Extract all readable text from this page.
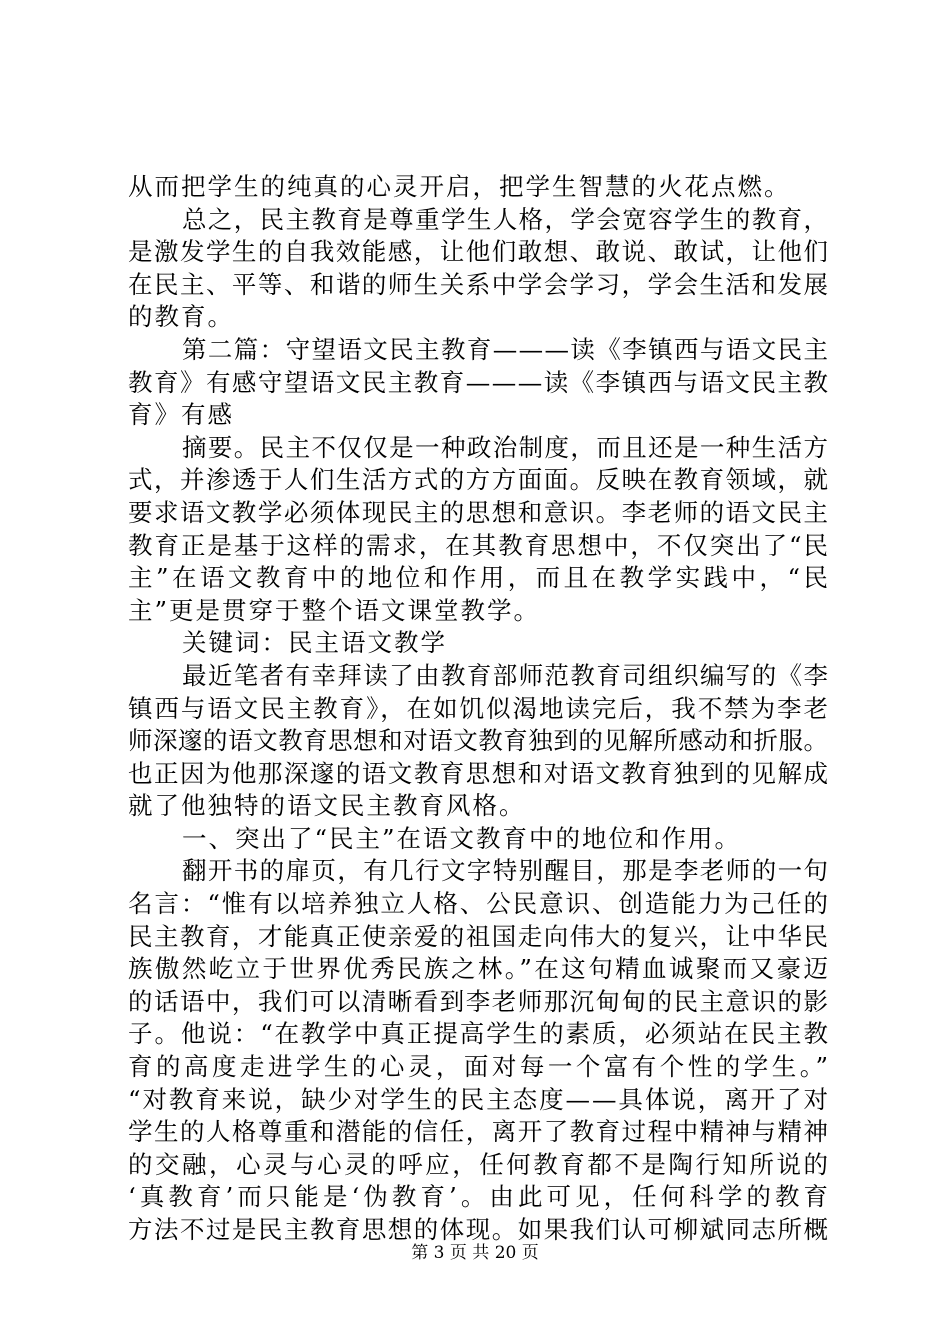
从而把学生的纯真的心灵开启，把学生智慧的火花点燃。
总之，民主教育是尊重学生人格，学会宽容学生的教育，
是激发学生的自我效能感，让他们敢想、敢说、敢试，让他们
在民主、平等、和谐的师生关系中学会学习，学会生活和发展
的教育。
第二篇：守望语文民主教育———读《李镇西与语文民主
教育》有感守望语文民主教育———读《李镇西与语文民主教
育》有感
摘要。民主不仅仅是一种政治制度，而且还是一种生活方
式，并渗透于人们生活方式的方方面面。反映在教育领域，就
要求语文教学必须体现民主的思想和意识。李老师的语文民主
教育正是基于这样的需求，在其教育思想中，不仅突出了“民
主”在语文教育中的地位和作用，而且在教学实践中，“民
主”更是贯穿于整个语文课堂教学。
关键词：民主语文教学
最近笔者有幸拜读了由教育部师范教育司组织编写的《李
镇西与语文民主教育》，在如饥似渴地读完后，我不禁为李老
师深邃的语文教育思想和对语文教育独到的见解所感动和折服。
也正因为他那深邃的语文教育思想和对语文教育独到的见解成
就了他独特的语文民主教育风格。
一、突出了“民主”在语文教育中的地位和作用。
翻开书的扉页，有几行文字特别醒目，那是李老师的一句
名言：“惟有以培养独立人格、公民意识、创造能力为己任的
民主教育，才能真正使亲爱的祖国走向伟大的复兴，让中华民
族傲然屹立于世界优秀民族之林。”在这句精血诚聚而又豪迈
的话语中，我们可以清晰看到李老师那沉甸甸的民主意识的影
子。他说：“在教学中真正提高学生的素质，必须站在民主教
育的高度走进学生的心灵，面对每一个富有个性的学生。”
“对教育来说，缺少对学生的民主态度——具体说，离开了对
学生的人格尊重和潜能的信任，离开了教育过程中精神与精神
的交融，心灵与心灵的呼应，任何教育都不是陶行知所说的
‘真教育’而只能是‘伪教育’。由此可见，任何科学的教育
方法不过是民主教育思想的体现。如果我们认可柳斌同志所概
第 3 页 共 20 页
